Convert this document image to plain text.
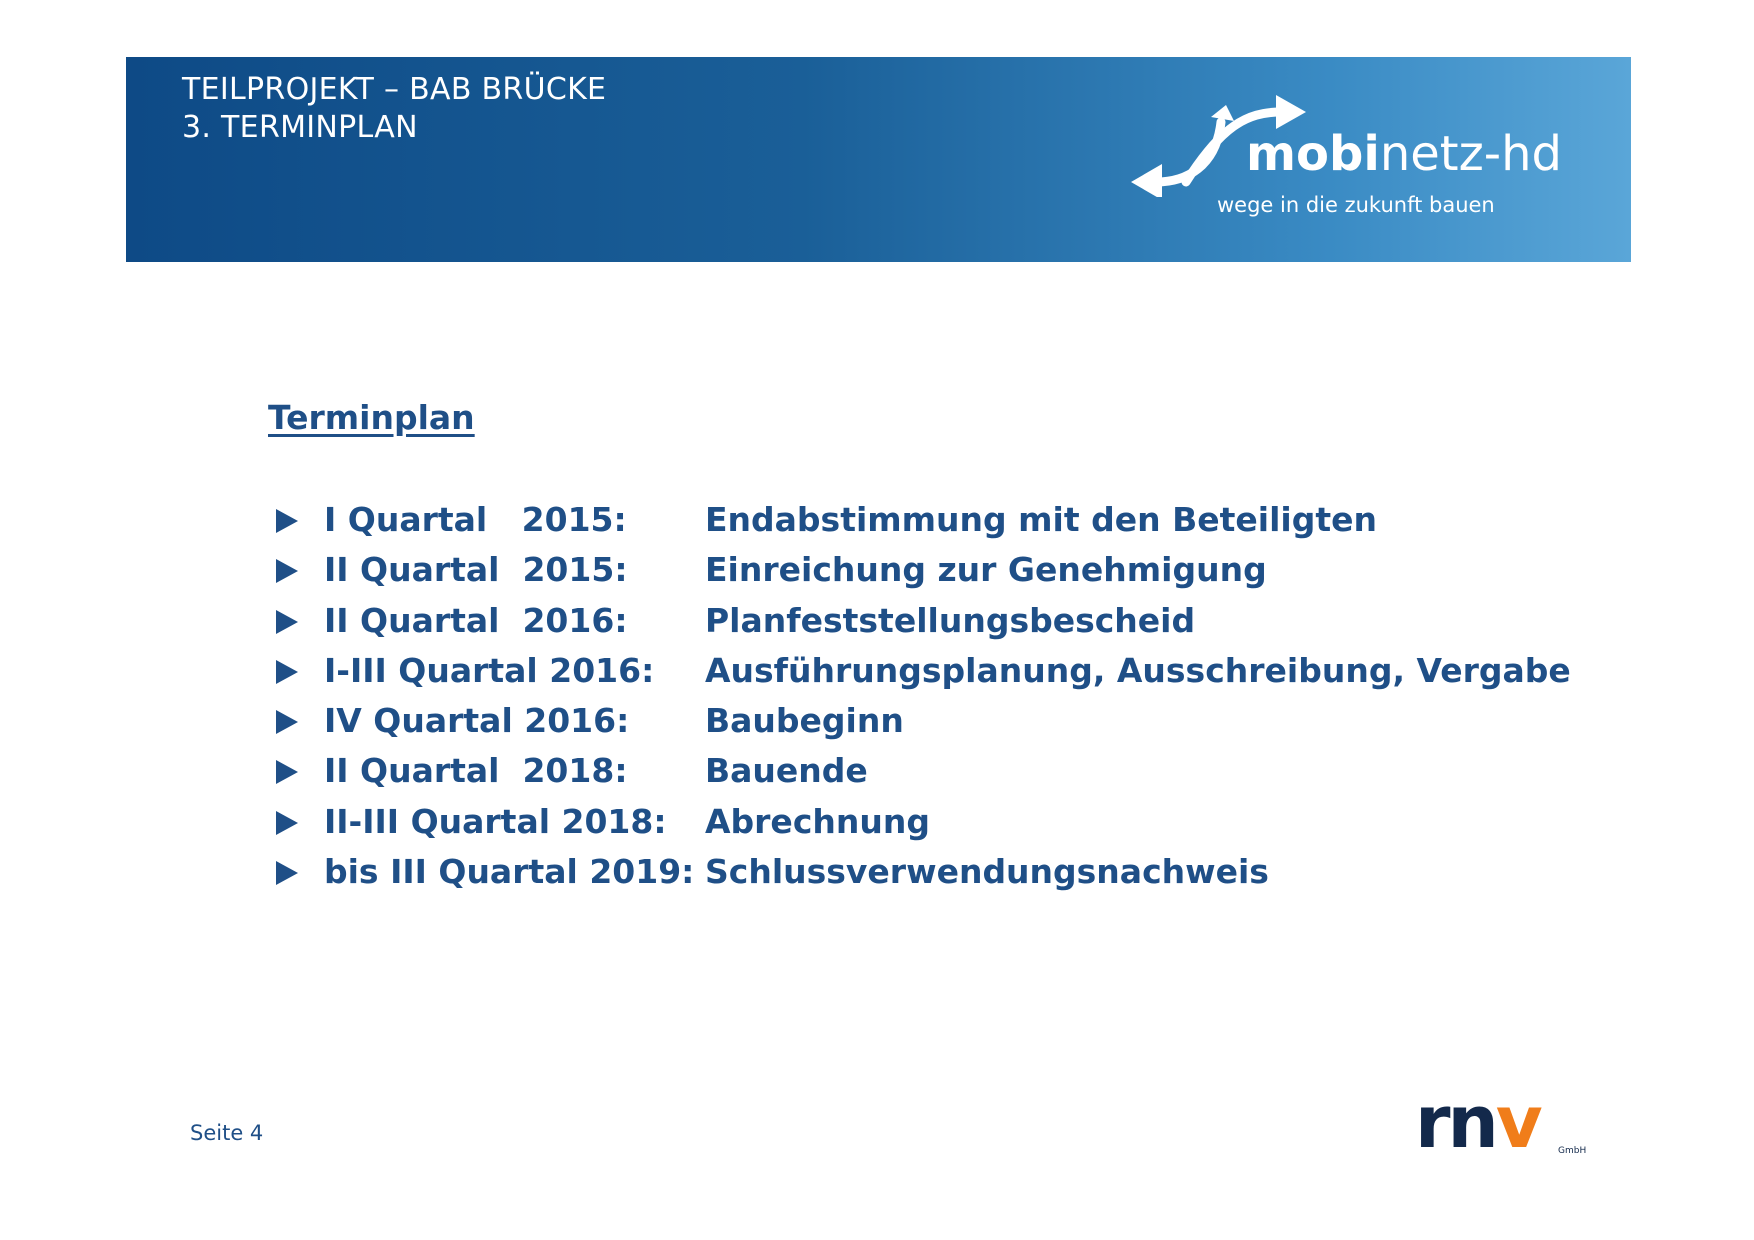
TEILPROJEKT – BAB BRÜCKE
3. TERMINPLAN	mobinetz-hd
wege in die zukunft bauen
Terminplan
I Quartal   2015: Endabstimmung mit den Beteiligten
II Quartal  2015: Einreichung zur Genehmigung
II Quartal  2016: Planfeststellungsbescheid
I-III Quartal 2016: Ausführungsplanung, Ausschreibung, Vergabe
IV Quartal 2016: Baubeginn
II Quartal  2018: Bauende
II-III Quartal 2018: Abrechnung
bis III Quartal 2019: Schlussverwendungsnachweis
Seite 4	rnv GmbH
